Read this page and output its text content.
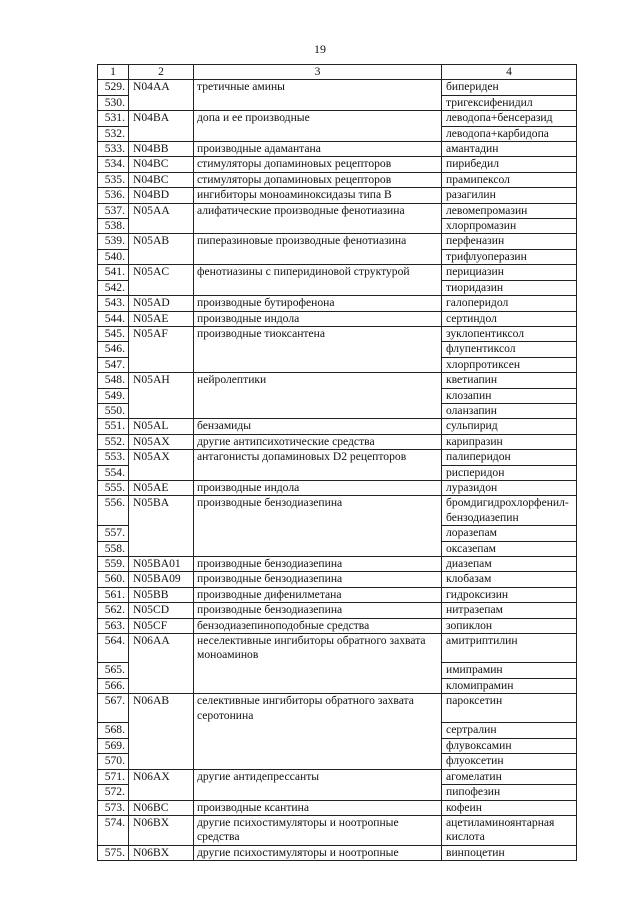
19
1	2	3	4
529.	N04AA	третичные амины	бипериден
530.			тригексифенидил
531.	N04BA	допа и ее производные	леводопа+бенсеразид
532.			леводопа+карбидопа
533.	N04BB	производные адамантана	амантадин
534.	N04BC	стимуляторы допаминовых рецепторов	пирибедил
535.	N04BC	стимуляторы допаминовых рецепторов	прамипексол
536.	N04BD	ингибиторы моноаминоксидазы типа В	разагилин
537.	N05AA	алифатические производные фенотиазина	левомепромазин
538.			хлорпромазин
539.	N05AB	пиперазиновые производные фенотиазина	перфеназин
540.			трифлуоперазин
541.	N05AC	фенотиазины с пиперидиновой структурой	перициазин
542.			тиоридазин
543.	N05AD	производные бутирофенона	галоперидол
544.	N05AE	производные индола	сертиндол
545.	N05AF	производные тиоксантена	зуклопентиксол
546.			флупентиксол
547.			хлорпротиксен
548.	N05AH	нейролептики	кветиапин
549.			клозапин
550.			оланзапин
551.	N05AL	бензамиды	сульпирид
552.	N05AX	другие антипсихотические средства	карипразин
553.	N05AX	антагонисты допаминовых D2 рецепторов	палиперидон
554.			рисперидон
555.	N05AE	производные индола	луразидон
556.	N05BA	производные бензодиазепина	бромдигидрохлорфенил-бензодиазепин
557.			лоразепам
558.			оксазепам
559.	N05BA01	производные бензодиазепина	диазепам
560.	N05BA09	производные бензодиазепина	клобазам
561.	N05BB	производные дифенилметана	гидроксизин
562.	N05CD	производные бензодиазепина	нитразепам
563.	N05CF	бензодиазепиноподобные средства	зопиклон
564.	N06AA	неселективные ингибиторы обратного захвата моноаминов	амитриптилин
565.			имипрамин
566.			кломипрамин
567.	N06AB	селективные ингибиторы обратного захвата серотонина	пароксетин
568.			сертралин
569.			флувоксамин
570.			флуоксетин
571.	N06AX	другие антидепрессанты	агомелатин
572.			пипофезин
573.	N06BC	производные ксантина	кофеин
574.	N06BX	другие психостимуляторы и ноотропные средства	ацетиламиноянтарная кислота
575.	N06BX	другие психостимуляторы и ноотропные	винпоцетин
